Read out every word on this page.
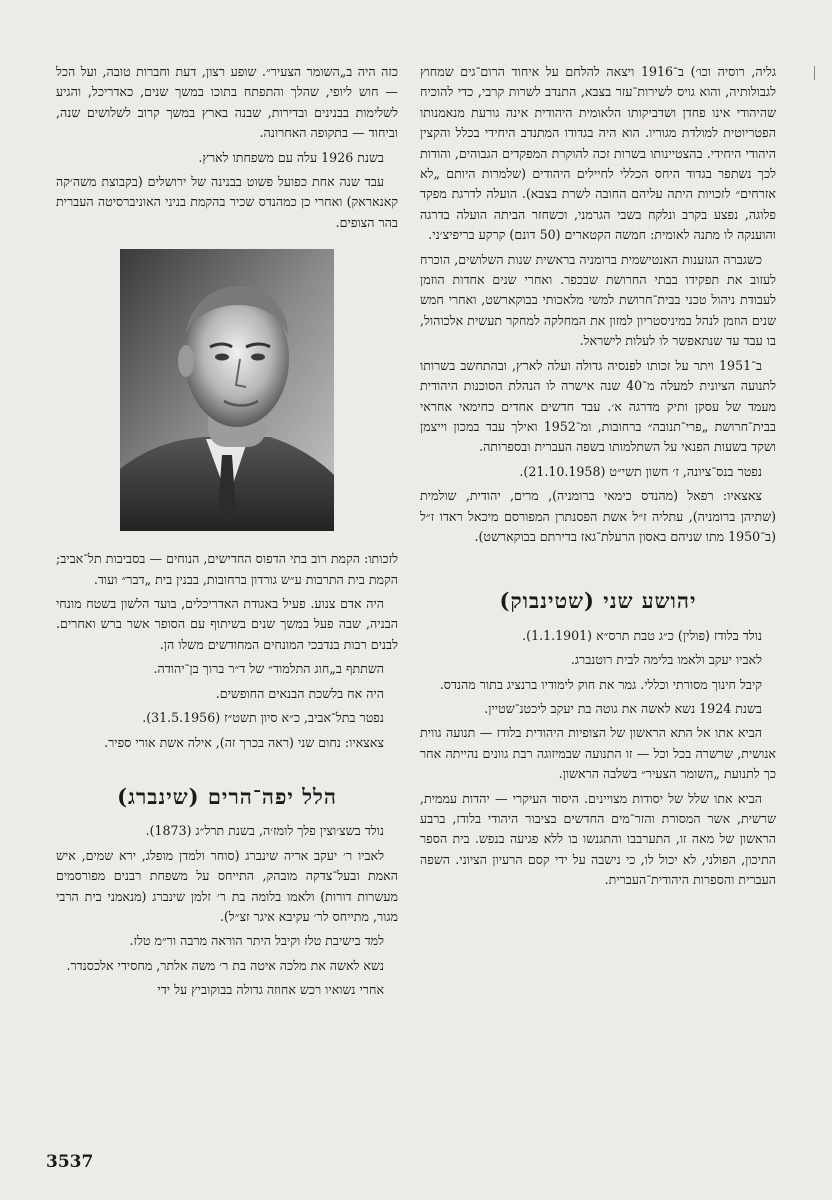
גליה, רוסיה וכו׳) ב־1916 ויצאה להלחם על איחוד הרום־גים שמחוץ לגבולותיה, והוא גויס לשירות־עזר בצבא, התנדב לשרות קרבי, כדי להוכיח שהיהודי אינו פחדן ושדביקותו הלאומית היהודית אינה גורעת מנאמנותו הפטריוטית למולדת מגוריו. הוא היה בגדודו המתנדב היחידי בכלל והקצין היהודי היחידי. בהצטיינותו בשרות זכה להוקרת המפקדים הגבוהים, והודות לכך נשתפר בגדוד היחס הכללי לחיילים היהודים (שלמרות היותם „לא אזרחים״ לזכויות היתה עליהם החובה לשרת בצבא). הועלה לדרגת מפקד פלוגה, נפצע בקרב ונלקח בשבי הגרמני, וכשחזר הביתה הועלה בדרגה והוענקה לו מתנה לאומית: חמשה הקטארים (50 דונם) קרקע בריפיצ׳ני.

כשגברה הגזענות האנטישמית ברומניה בראשית שנות השלושים, הוכרח לעזוב את תפקידו בבתי החרושת שבכפר. ואחרי שנים אחדות הוזמן לעבודת ניהול טכני בבית־חרושת למשי מלאכותי בבוקארשט, ואחרי חמש שנים הוזמן לנהל במיניסטריון למזון את המחלקה למחקר תעשית אלכוהול, בו עבד עד שנתאפשר לו לעלות לישראל.

ב־1951 ויתר על זכותו לפנסיה גדולה ועלה לארץ, ובהתחשב בשרותו לתנועה הציונית למעלה מ־40 שנה אישרה לו הנהלת הסוכנות היהודית מעמד של עסקן ותיק מדרגה א׳. עבד חדשים אחדים כחימאי אחראי בבית־חרושת „פרי־תנובה״ ברחובות, ומ־1952 ואילך עבד במכון וייצמן ושקד בשעות הפנאי על השתלמותו בשפה העברית ובספרותה.

נפטר בנס־ציונה, ז׳ חשון תשי״ט (21.10.1958).

צאצאיו: רפאל (מהנדס כימאי ברומניה), מרים, יהודית, שולמית (שתיהן ברומניה), עתליה ז״ל אשת הפסנתרן המפורסם מיכאל ראדו ז״ל (ב־1950 מתו שניהם באסון הרעלת־גאז בדירתם בבוקארשט).

יהושע שני (שטינבוק)

נולד בלודז (פולין) כ״ג טבת תרס״א (1.1.1901).

לאביו יעקב ולאמו בלימה לבית רוטנברג.

קיבל חינוך מסורתי וכללי. גמר את חוק לימודיו ברנציג בתור מהנדס.

בשנת 1924 נשא לאשה את גוטה בת יעקב ליכטנ־שטיין.

הביא אתו אל התא הראשון של הצופיות היהודית בלודז — תנועה גווית אנושית, שרשרה בכל וכל — זו התנועה שבמיזוגה רבת גוונים נהייתה אחר כך לתנועת „השומר הצעיר״ בשלבה הראשון.

הביא אתו שלל של יסודות מצויינים. היסוד העיקרי — יהדות עממית, שרשית, אשר המסורת והזר־מים החדשים בציבור היהודי בלודז, ברבע הראשון של מאה זו, התערבבו והתגנשו בו ללא פגיעה בנפש. בית הספר התיכון, הפולני, לא יכול לו, כי נישבה על ידי קסם הרעיון הציוני. השפה העברית והספרות היהודית־העברית.

כזה היה ב„השומר הצעיר״. שופע רצון, דעת וחברות טובה, ועל הכל — חוש ליופי, שהלך והתפתח בתוכו במשך שנים, כאדריכל, והגיע לשלימות בבנינים ובדירות, שבנה בארץ במשך קרוב לשלושים שנה, וביחוד — בתקופה האחרונה.

בשנת 1926 עלה עם משפחתו לארץ.

עבד שנה אחת כפועל פשוט בבנינה של ירושלים (בקבוצת משה׳קה קאנאראק) ואחרי כן כמהנדס שכיר בהקמת בניני האוניברסיטה העברית בהר הצופים.

לזכותו: הקמת רוב בתי הדפוס החדישים, הנוחים — בסביבות תל־אביב; הקמת בית התרבות ע״ש גורדון ברחובות, בבנין בית „דבר״ ועוד.

היה אדם צנוע. פעיל באגודת האדריכלים, בועד הלשון בשטח מונחי הבניה, שבה פעל במשך שנים בשיתוף עם הסופר אשר ברש ואחרים. לבנים רבות בנדבכי המונחים המחודשים משלו הן.

השתתף ב„חוג התלמוד״ של ד״ר ברוך בן־יהודה.

היה אח בלשכת הבנאים החופשים.

נפטר בתל־אביב, כ״א סיון תשט״ז (31.5.1956).

צאצאיו: נחום שני (ראה בכרך זה), אילה אשת אורי ספיר.

הלל יפה־הרים (שינברג)

נולד בשצ׳וצין פלך לומז׳ה, בשנת תרל״ג (1873).

לאביו ר׳ יעקב אריה שינברג (סוחר ולמדן מופלג, ירא שמים, איש האמת ובעל־צדקה מובהק, התייחס על משפחת רבנים מפורסמים מעשרות דורות) ולאמו בלומה בת ר׳ זלמן שינברג (מנאמני בית הרבי מגור, מתייחס לר׳ עקיבא איגר זצ״ל).

למד בישיבת טלז וקיבל היתר הוראה מרבה ור״מ טלז.

נשא לאשה את מלכה איטה בת ר׳ משה אלתר, מחסידי אלכסנדר.

אחרי נשואיו רכש אחוזה גדולה בבוקוביץ על ידי

3537
